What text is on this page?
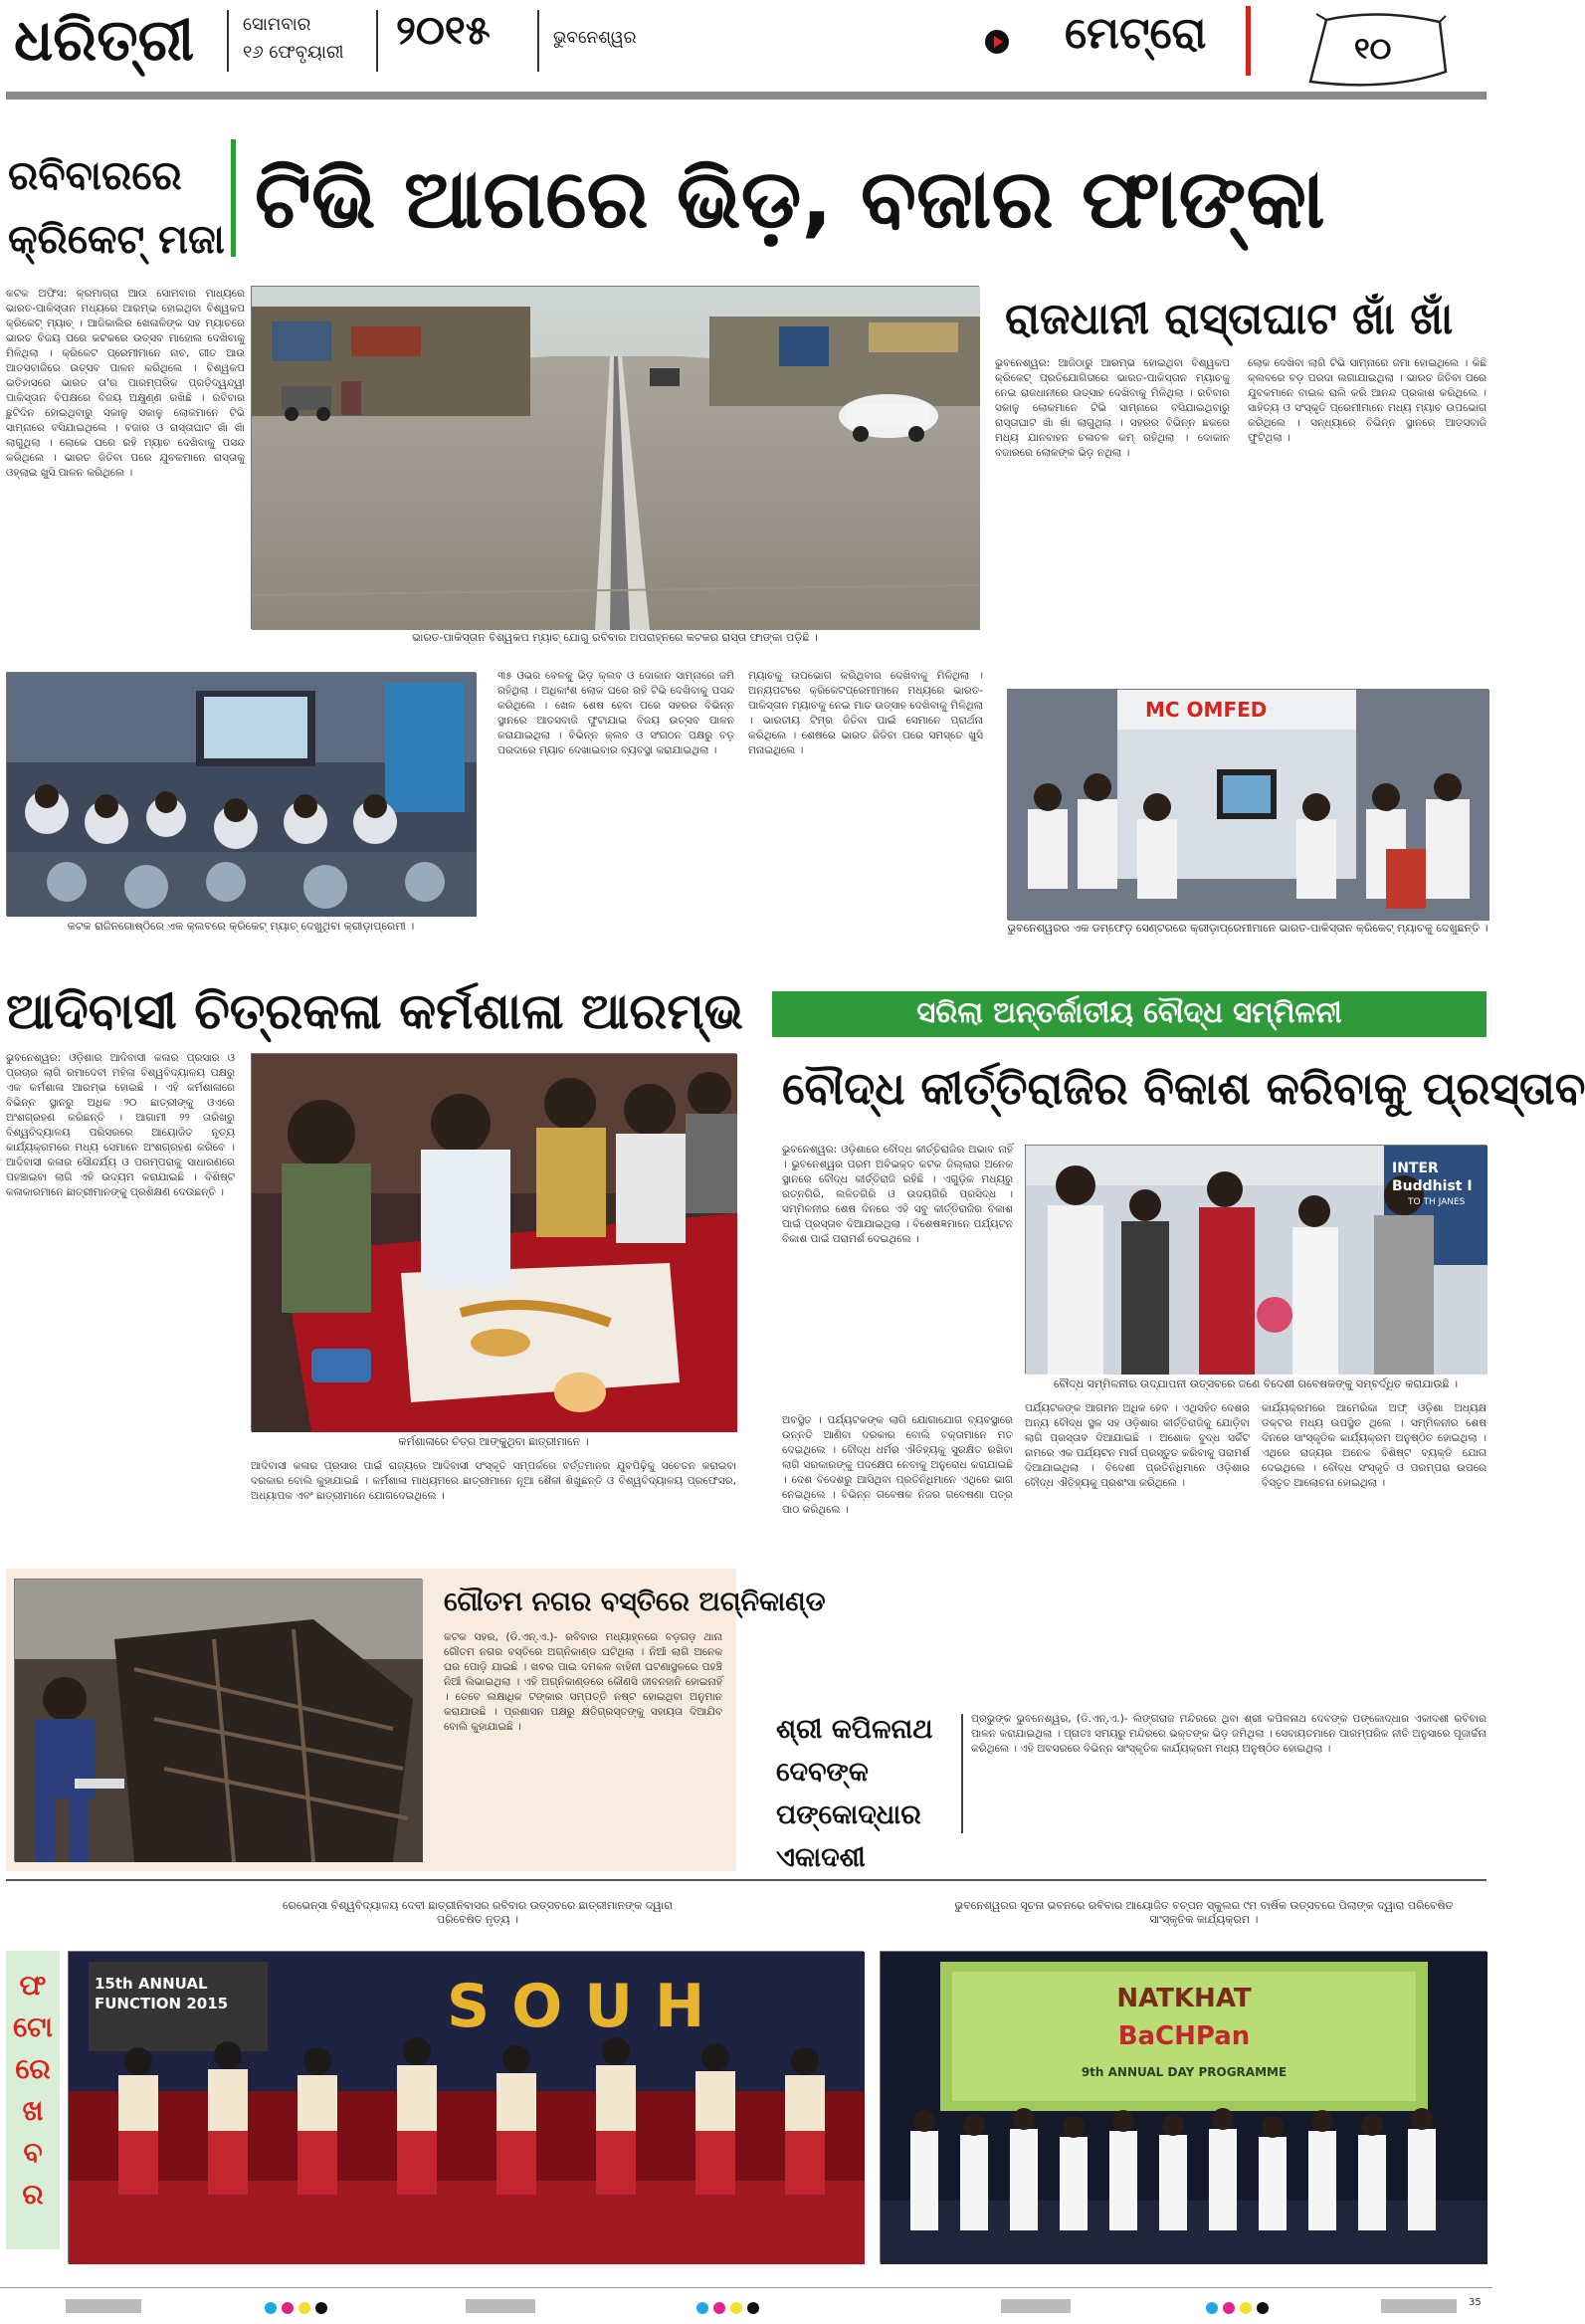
ଧରିତ୍ରୀ	ସୋମବାର
୧୬ ଫେବୃୟାରୀ ୨୦୧୫	ଭୁବନେଶ୍ୱର	ମେଟ୍ରୋ	୧୦
ରବିବାରରେ କ୍ରିକେଟ୍ ମଜା ଟିଭି ଆଗରେ ଭିଡ଼, ବଜାର ଫାଙ୍କା
ଭାରତ-ପାକିସ୍ତାନ ବିଶ୍ୱକପ ମ୍ୟାଚ୍ ଯୋଗୁ ରବିବାର ଅପରାହ୍ନରେ କଟକର ରାସ୍ତା ଫାଙ୍କା ପଡ଼ିଛି ।
କଟକ ଅଫିସ: କ୍ରମାଗ୍ରା ଆଉ ସୋମବାର ମାଧ୍ୟରେ ଭାରତ-ପାକିସ୍ତାନ ମଧ୍ୟରେ ଆରମ୍ଭ ହୋଇଥିବା ବିଶ୍ୱକପ କ୍ରିକେଟ୍ ମ୍ୟାଚ୍ । ଆଜିକାଲିର ଖେଳାଳିଙ୍କ ସହ ମ୍ୟାଚରେ ଭାରତ ବିଜୟ ପରେ କଟକରେ ଉତ୍ସବ ମାହୋଲ ଦେଖିବାକୁ ମିଳିଥିଲା । କ୍ରିକେଟ ପ୍ରେମୀମାନେ ନାଚ, ଗୀତ ଆଉ ଆତସବାଜିରେ ଉତ୍ସବ ପାଳନ କରିଥିଲେ । ବିଶ୍ୱକପ ଇତିହାସରେ ଭାରତ ତା'ର ପାରମ୍ପରିକ ପ୍ରତିଦ୍ୱନ୍ଦ୍ୱୀ ପାକିସ୍ତାନ ବିପକ୍ଷରେ ବିଜୟ ଅକ୍ଷୁଣ୍ଣ ରଖିଛି । ରବିବାର ଛୁଟିଦିନ ହୋଇଥିବାରୁ ସକାଳୁ ସକାଳୁ ଲୋକମାନେ ଟିଭି ସାମ୍ନାରେ ବସିଯାଇଥିଲେ । ବଜାର ଓ ରାସ୍ତାଘାଟ ଖାଁ ଖାଁ ଲାଗୁଥିଲା । ଲୋକେ ଘରେ ରହି ମ୍ୟାଚ ଦେଖିବାକୁ ପସନ୍ଦ କରିଥିଲେ । ଭାରତ ଜିତିବା ପରେ ଯୁବକମାନେ ରାସ୍ତାକୁ ଓହ୍ଲାଇ ଖୁସି ପାଳନ କରିଥିଲେ ।
ରାଜଧାନୀ ରାସ୍ତାଘାଟ ଖାଁ ଖାଁ
ଭୁବନେଶ୍ୱର: ଆଜିଠାରୁ ଆରମ୍ଭ ହୋଇଥିବା ବିଶ୍ୱକପ କ୍ରିକେଟ୍ ପ୍ରତିଯୋଗିତାରେ ଭାରତ-ପାକିସ୍ତାନ ମ୍ୟାଚକୁ ନେଇ ରାଜଧାନୀରେ ଉତ୍ସାହ ଦେଖିବାକୁ ମିଳିଥିଲା । ରବିବାର ସକାଳୁ ଲୋକମାନେ ଟିଭି ସାମ୍ନାରେ ବସିଯାଇଥିବାରୁ ରାସ୍ତାଘାଟ ଖାଁ ଖାଁ ଲାଗୁଥିଲା । ସହରର ବିଭିନ୍ନ ଛକରେ ମଧ୍ୟ ଯାନବାହନ ଚଳାଚଳ କମ୍ ରହିଥିଲା । ଦୋକାନ ବଜାରରେ ଲୋକଙ୍କ ଭିଡ଼ ନଥିଲା ।
ଲୋକ ଦେଖିବା ଲାଗି ଟିଭି ସାମ୍ନାରେ ଜମା ହୋଇଥିଲେ । କିଛି କ୍ଲବରେ ବଡ଼ ପରଦା ଲଗାଯାଇଥିଲା । ଭାରତ ଜିତିବା ପରେ ଯୁବକମାନେ ବାଇକ ରାଲି କରି ଆନନ୍ଦ ପ୍ରକାଶ କରିଥିଲେ । ସାହିତ୍ୟ ଓ ସଂସ୍କୃତି ପ୍ରେମୀମାନେ ମଧ୍ୟ ମ୍ୟାଚ ଉପଭୋଗ କରିଥିଲେ । ସନ୍ଧ୍ୟାରେ ବିଭିନ୍ନ ସ୍ଥାନରେ ଆତସବାଜି ଫୁଟିଥିଲା ।
କଟକ ରାଜିନଗୋଷ୍ଠିରେ ଏକ କ୍ଲବରେ କ୍ରିକେଟ୍ ମ୍ୟାଚ୍ ଦେଖୁଥିବା କ୍ରୀଡ଼ାପ୍ରେମୀ ।
୩୫ ଓଭର ବେଳକୁ ଭିଡ଼ କ୍ଲବ ଓ ଦୋକାନ ସାମ୍ନାରେ ଜମି ରହିଥିଲା । ଅଧିକାଂଶ ଲୋକ ଘରେ ରହି ଟିଭି ଦେଖିବାକୁ ପସନ୍ଦ କରିଥିଲେ । ଖେଳ ଶେଷ ହେବା ପରେ ସହରର ବିଭିନ୍ନ ସ୍ଥାନରେ ଆତସବାଜି ଫୁଟାଯାଇ ବିଜୟ ଉତ୍ସବ ପାଳନ କରାଯାଇଥିଲା । ବିଭିନ୍ନ କ୍ଲବ ଓ ସଂଗଠନ ପକ୍ଷରୁ ବଡ଼ ପରଦାରେ ମ୍ୟାଚ ଦେଖାଇବାର ବ୍ୟବସ୍ଥା କରାଯାଇଥିଲା ।
ମ୍ୟାଚକୁ ଉପଭୋଗ କରିଥିବାର ଦେଖିବାକୁ ମିଳିଥିଲା । ଅନ୍ୟପଟରେ କ୍ରିକେଟପ୍ରେମୀମାନେ ମଧ୍ୟରେ ଭାରତ-ପାକିସ୍ତାନ ମ୍ୟାଚକୁ ନେଇ ମାତ ଉତ୍ସାହ ଦେଖିବାକୁ ମିଳିଥିଲା । ଭାରତୀୟ ଟିମ୍ର ଜିତିବା ପାଇଁ ସେମାନେ ପ୍ରାର୍ଥନା କରିଥିଲେ । ଶେଷରେ ଭାରତ ଜିତିବା ପରେ ସମସ୍ତେ ଖୁସି ମନାଇଥିଲେ ।
MC OMFED
ଭୁବନେଶ୍ୱରର ଏକ ଡମ୍‌ଫେଡ଼ ସେଣ୍ଟରରେ କ୍ରୀଡ଼ାପ୍ରେମୀମାନେ ଭାରତ-ପାକିସ୍ତାନ କ୍ରିକେଟ୍ ମ୍ୟାଚକୁ ଦେଖୁଛନ୍ତି ।
ଆଦିବାସୀ ଚିତ୍ରକଳା କର୍ମଶାଳା ଆରମ୍ଭ
ଭୁବନେଶ୍ୱର: ଓଡ଼ିଶାର ଆଦିବାସୀ କଳାର ପ୍ରସାର ଓ ପ୍ରଚାର ଲାଗି ରମାଦେବୀ ମହିଳା ବିଶ୍ୱବିଦ୍ୟାଳୟ ପକ୍ଷରୁ ଏକ କର୍ମଶାଳା ଆରମ୍ଭ ହୋଇଛି । ଏହି କର୍ମଶାଳାରେ ବିଭିନ୍ନ ସ୍ଥାନରୁ ଅଧିକ ୨୦ ଛାତ୍ରୀଙ୍କୁ ଓଏରେ ଅଂଶଗ୍ରହଣ କରିଛନ୍ତି । ଆଗାମୀ ୨୨ ତାରିଖରୁ ବିଶ୍ୱବିଦ୍ୟାଳୟ ପରିସରରେ ଆୟୋଜିତ ନୃତ୍ୟ କାର୍ଯ୍ୟକ୍ରମରେ ମଧ୍ୟ ସେମାନେ ଅଂଶଗ୍ରହଣ କରିବେ । ଆଦିବାସୀ କଳାର ସୌନ୍ଦର୍ଯ୍ୟ ଓ ପରମ୍ପରାକୁ ସାଧାରଣରେ ପହଞ୍ଚାଇବା ଲାଗି ଏହି ଉଦ୍ୟମ କରାଯାଇଛି । ବିଶିଷ୍ଟ କଳାକାରମାନେ ଛାତ୍ରୀମାନଙ୍କୁ ପ୍ରଶିକ୍ଷଣ ଦେଉଛନ୍ତି ।
କର୍ମଶାଳାରେ ଚିତ୍ର ଆଙ୍କୁଥିବା ଛାତ୍ରୀମାନେ ।
ଆଦିବାସୀ କଳାର ପ୍ରସାର ପାଇଁ ରାଜ୍ୟରେ ଆଦିବାସୀ ସଂସ୍କୃତି ସମ୍ପର୍କରେ ବର୍ତ୍ତମାନର ଯୁବପିଢ଼ିକୁ ସଚେତନ କରାଇବା ଦରକାର ବୋଲି କୁହାଯାଇଛି । କର୍ମଶାଳା ମାଧ୍ୟମରେ ଛାତ୍ରୀମାନେ ନୂଆ ଶୈଳୀ ଶିଖୁଛନ୍ତି ଓ ବିଶ୍ୱବିଦ୍ୟାଳୟ ପ୍ରଫେସର, ଅଧ୍ୟାପକ ଏବଂ ଛାତ୍ରୀମାନେ ଯୋଗଦେଇଥିଲେ ।
ଗୌତମ ନଗର ବସ୍ତିରେ ଅଗ୍ନିକାଣ୍ଡ
କଟକ ସହର, (ଡି.ଏନ୍.ଏ.)- ରବିବାର ମଧ୍ୟାହ୍ନରେ ବଡ଼ଗଡ଼ ଥାନା ଗୌତମ ନଗର ବସ୍ତିରେ ଅଗ୍ନିକାଣ୍ଡ ଘଟିଥିଲା । ନିଆଁ ଲାଗି ଅନେକ ଘର ପୋଡ଼ି ଯାଇଛି । ଖବର ପାଇ ଦମକଳ ବାହିନୀ ଘଟଣାସ୍ଥଳରେ ପହଞ୍ଚି ନିଆଁ ଲିଭାଇଥିଲା । ଏହି ଅଗ୍ନିକାଣ୍ଡରେ କୌଣସି ଜୀବନହାନି ହୋଇନାହିଁ । ତେବେ ଲକ୍ଷାଧିକ ଟଙ୍କାର ସମ୍ପତ୍ତି ନଷ୍ଟ ହୋଇଥିବା ଅନୁମାନ କରାଯାଉଛି । ପ୍ରଶାସନ ପକ୍ଷରୁ କ୍ଷତିଗ୍ରସ୍ତଙ୍କୁ ସହାୟତା ଦିଆଯିବ ବୋଲି କୁହାଯାଇଛି ।
ସରିଲା ଅନ୍ତର୍ଜାତୀୟ ବୌଦ୍ଧ ସମ୍ମିଳନୀ
ବୌଦ୍ଧ କୀର୍ତ୍ତିରାଜିର ବିକାଶ କରିବାକୁ ପ୍ରସ୍ତାବ
ଭୁବନେଶ୍ୱର: ଓଡ଼ିଶାରେ ବୌଦ୍ଧ କୀର୍ତ୍ତିରାଜିର ଅଭାବ ନାହିଁ । ଭୁବନେଶ୍ୱର ପରମ ଅବିଭକ୍ତ କଟକ ଜିଲ୍ଲାର ଅନେକ ସ୍ଥାନରେ ବୌଦ୍ଧ କୀର୍ତ୍ତିରାଜି ରହିଛି । ଏଗୁଡ଼ିକ ମଧ୍ୟରୁ ରତ୍ନଗିରି, ଲଳିତଗିରି ଓ ଉଦୟଗିରି ପ୍ରସିଦ୍ଧ । ସମ୍ମିଳନୀର ଶେଷ ଦିନରେ ଏହି ସବୁ କୀର୍ତ୍ତିରାଜିର ବିକାଶ ପାଇଁ ପ୍ରସ୍ତାବ ଦିଆଯାଇଥିଲା । ବିଶେଷଜ୍ଞମାନେ ପର୍ଯ୍ୟଟନ ବିକାଶ ପାଇଁ ପରାମର୍ଶ ଦେଇଥିଲେ ।
INTER Buddhist I
TO TH JANES
ବୌଦ୍ଧ ସମ୍ମିଳନୀର ଉଦ୍‌ଯାପନୀ ଉତ୍ସବରେ ଜଣେ ବିଦେଶୀ ଗବେଷକଙ୍କୁ ସମ୍ବର୍ଦ୍ଧିତ କରାଯାଉଛି ।
ଅବସ୍ଥିତ । ପର୍ଯ୍ୟଟକଙ୍କ ଲାଗି ଯୋଗାଯୋଗ ବ୍ୟବସ୍ଥାରେ ଉନ୍ନତି ଆଣିବା ଦରକାର ବୋଲି ବକ୍ତାମାନେ ମତ ଦେଇଥିଲେ । ବୌଦ୍ଧ ଧର୍ମର ଐତିହ୍ୟକୁ ସୁରକ୍ଷିତ ରଖିବା ଲାଗି ସରକାରଙ୍କୁ ପଦକ୍ଷେପ ନେବାକୁ ଅନୁରୋଧ କରାଯାଇଛି । ଦେଶ ବିଦେଶରୁ ଆସିଥିବା ପ୍ରତିନିଧିମାନେ ଏଥିରେ ଭାଗ ନେଇଥିଲେ । ବିଭିନ୍ନ ଗବେଷକ ନିଜର ଗବେଷଣା ପତ୍ର ପାଠ କରିଥିଲେ ।
ପର୍ଯ୍ୟଟକଙ୍କ ଆଗମନ ଅଧିକ ହେବ । ଏଥିସହିତ ଦେଶର ଅନ୍ୟ ବୌଦ୍ଧ ସ୍ଥଳ ସହ ଓଡ଼ିଶାର କୀର୍ତ୍ତିରାଜିକୁ ଯୋଡ଼ିବା ଲାଗି ପ୍ରସ୍ତାବ ଦିଆଯାଇଛି । ଅଶୋକ ବୁଦ୍ଧ ସର୍କିଟ ନାମରେ ଏକ ପର୍ଯ୍ୟଟନ ମାର୍ଗ ପ୍ରସ୍ତୁତ କରିବାକୁ ପରାମର୍ଶ ଦିଆଯାଇଥିଲା । ବିଦେଶୀ ପ୍ରତିନିଧିମାନେ ଓଡ଼ିଶାର ବୌଦ୍ଧ ଐତିହ୍ୟକୁ ପ୍ରଶଂସା କରିଥିଲେ ।
କାର୍ଯ୍ୟକ୍ରମରେ ଆମେରିକା ଅଫ୍ ଓଡ଼ିଶା ଅଧ୍ୟକ୍ଷ ଡକ୍ଟର ମଧ୍ୟ ଉପସ୍ଥିତ ଥିଲେ । ସମ୍ମିଳନୀର ଶେଷ ଦିନରେ ସାଂସ୍କୃତିକ କାର୍ଯ୍ୟକ୍ରମ ଅନୁଷ୍ଠିତ ହୋଇଥିଲା । ଏଥିରେ ରାଜ୍ୟର ଅନେକ ବିଶିଷ୍ଟ ବ୍ୟକ୍ତି ଯୋଗ ଦେଇଥିଲେ । ବୌଦ୍ଧ ସଂସ୍କୃତି ଓ ପରମ୍ପରା ଉପରେ ବିସ୍ତୃତ ଆଲୋଚନା ହୋଇଥିଲା ।
ଶ୍ରୀ କପିଳନାଥ ଦେବଙ୍କ ପଙ୍କୋଦ୍ଧାର ଏକାଦଶୀ
ପ୍ରଭୁଙ୍କ ଭୁବନେଶ୍ୱର, (ଡି.ଏନ୍.ଏ.)- ଲିଙ୍ଗରାଜ ମନ୍ଦିରରେ ଥିବା ଶ୍ରୀ କପିଳନାଥ ଦେବଙ୍କ ପଙ୍କୋଦ୍ଧାର ଏକାଦଶୀ ରବିବାର ପାଳନ କରାଯାଇଥିଲା । ପ୍ରାତଃ ସମୟରୁ ମନ୍ଦିରରେ ଭକ୍ତଙ୍କ ଭିଡ଼ ଜମିଥିଲା । ସେବାୟତମାନେ ପାରମ୍ପରିକ ନୀତି ଅନୁସାରେ ପୂଜାର୍ଚ୍ଚନା କରିଥିଲେ । ଏହି ଅବସରରେ ବିଭିନ୍ନ ସାଂସ୍କୃତିକ କାର୍ଯ୍ୟକ୍ରମ ମଧ୍ୟ ଅନୁଷ୍ଠିତ ହୋଇଥିଲା ।
ରେଭେନ୍ସା ବିଶ୍ୱବିଦ୍ୟାଳୟ ଦେବୀ ଛାତ୍ରୀନିବାସର ରବିବାର ଉତ୍ସବରେ ଛାତ୍ରୀମାନଙ୍କ ଦ୍ୱାରା ପରିବେଷିତ ନୃତ୍ୟ ।
ଭୁବନେଶ୍ୱରର ସୂଚନା ଭବନରେ ରବିବାର ଆୟୋଜିତ ବଚ୍‌ପନ ସ୍କୁଲର ୯ମ ବାର୍ଷିକ ଉତ୍ସବରେ ପିଲାଙ୍କ ଦ୍ୱାରା ପରିବେଷିତ ସାଂସ୍କୃତିକ କାର୍ଯ୍ୟକ୍ରମ ।
ଫ
ଟୋ
ରେ
ଖ
ବ
ର
15th ANNUAL FUNCTION 2015	SOUH	NATKHAT
BaCHPan
9th ANNUAL DAY PROGRAMME

35
